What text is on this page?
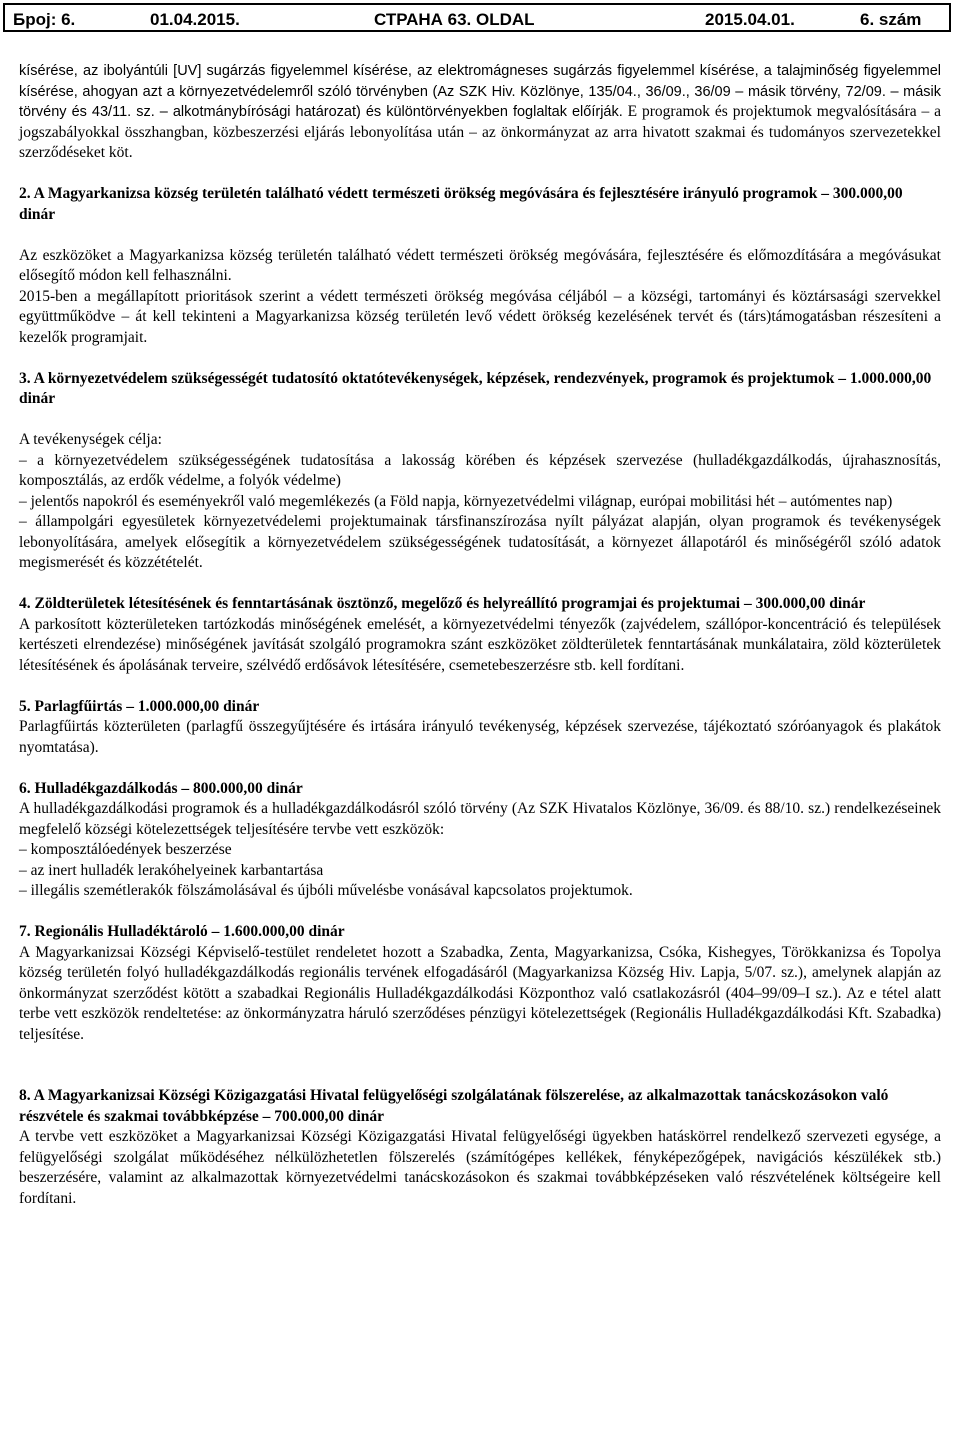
Број: 6.	01.04.2015.	СТРАНА 63. OLDAL	2015.04.01.	6. szám

kísérése, az ibolyántúli [UV] sugárzás figyelemmel kísérése, az elektromágneses sugárzás figyelemmel kísérése, a talajminőség figyelemmel kísérése, ahogyan azt a környezetvédelemről szóló törvényben (Az SZK Hiv. Közlönye, 135/04., 36/09., 36/09 – másik törvény, 72/09. – másik törvény és 43/11. sz. – alkotmánybírósági határozat) és különtörvényekben foglaltak előírják. E programok és projektumok megvalósítására – a jogszabályokkal összhangban, közbeszerzési eljárás lebonyolítása után – az önkormányzat az arra hivatott szakmai és tudományos szervezetekkel szerződéseket köt.

2. A Magyarkanizsa község területén található védett természeti örökség megóvására és fejlesztésére irányuló programok – 300.000,00 dinár

Az eszközöket a Magyarkanizsa község területén található védett természeti örökség megóvására, fejlesztésére és előmozdítására a megóvásukat elősegítő módon kell felhasználni.

2015-ben a megállapított prioritások szerint a védett természeti örökség megóvása céljából – a községi, tartományi és köztársasági szervekkel együttműködve – át kell tekinteni a Magyarkanizsa község területén levő védett örökség kezelésének tervét és (társ)támogatásban részesíteni a kezelők programjait.

3. A környezetvédelem szükségességét tudatosító oktatótevékenységek, képzések, rendezvények, programok és projektumok – 1.000.000,00 dinár

A tevékenységek célja:

– a környezetvédelem szükségességének tudatosítása a lakosság körében és képzések szervezése (hulladékgazdálkodás, újrahasznosítás, komposztálás, az erdők védelme, a folyók védelme)
– jelentős napokról és eseményekről való megemlékezés (a Föld napja, környezetvédelmi világnap, európai mobilitási hét – autómentes nap)
– állampolgári egyesületek környezetvédelemi projektumainak társfinanszírozása nyílt pályázat alapján, olyan programok és tevékenységek lebonyolítására, amelyek elősegítik a környezetvédelem szükségességének tudatosítását, a környezet állapotáról és minőségéről szóló adatok megismerését és közzétételét.
4. Zöldterületek létesítésének és fenntartásának ösztönző, megelőző és helyreállító programjai és projektumai – 300.000,00 dinár

A parkosított közterületeken tartózkodás minőségének emelését, a környezetvédelmi tényezők (zajvédelem, szállópor-koncentráció és települések kertészeti elrendezése) minőségének javítását szolgáló programokra szánt eszközöket zöldterületek fenntartásának munkálataira, zöld közterületek létesítésének és ápolásának terveire, szélvédő erdősávok létesítésére, csemetebeszerzésre stb. kell fordítani.

5. Parlagfűirtás – 1.000.000,00 dinár

Parlagfűirtás közterületen (parlagfű összegyűjtésére és irtására irányuló tevékenység, képzések szervezése, tájékoztató szóróanyagok és plakátok nyomtatása).

6. Hulladékgazdálkodás – 800.000,00 dinár

A hulladékgazdálkodási programok és a hulladékgazdálkodásról szóló törvény (Az SZK Hivatalos Közlönye, 36/09. és 88/10. sz.) rendelkezéseinek megfelelő községi kötelezettségek teljesítésére tervbe vett eszközök:

– komposztálóedények beszerzése
– az inert hulladék lerakóhelyeinek karbantartása
– illegális szemétlerakók fölszámolásával és újbóli művelésbe vonásával kapcsolatos projektumok.
7. Regionális Hulladéktároló – 1.600.000,00 dinár

A Magyarkanizsai Községi Képviselő-testület rendeletet hozott a Szabadka, Zenta, Magyarkanizsa, Csóka, Kishegyes, Törökkanizsa és Topolya község területén folyó hulladékgazdálkodás regionális tervének elfogadásáról (Magyarkanizsa Község Hiv. Lapja, 5/07. sz.), amelynek alapján az önkormányzat szerződést kötött a szabadkai Regionális Hulladékgazdálkodási Központhoz való csatlakozásról (404–99/09–I sz.). Az e tétel alatt terbe vett eszközök rendeltetése: az önkormányzatra háruló szerződéses pénzügyi kötelezettségek (Regionális Hulladékgazdálkodási Kft. Szabadka) teljesítése.

8. A Magyarkanizsai Községi Közigazgatási Hivatal felügyelőségi szolgálatának fölszerelése, az alkalmazottak tanácskozásokon való részvétele és szakmai továbbképzése – 700.000,00 dinár

A tervbe vett eszközöket a Magyarkanizsai Községi Közigazgatási Hivatal felügyelőségi ügyekben hatáskörrel rendelkező szervezeti egysége, a felügyelőségi szolgálat működéséhez nélkülözhetetlen fölszerelés (számítógépes kellékek, fényképezőgépek, navigációs készülékek stb.) beszerzésére, valamint az alkalmazottak környezetvédelmi tanácskozásokon és szakmai továbbképzéseken való részvételének költségeire kell fordítani.
